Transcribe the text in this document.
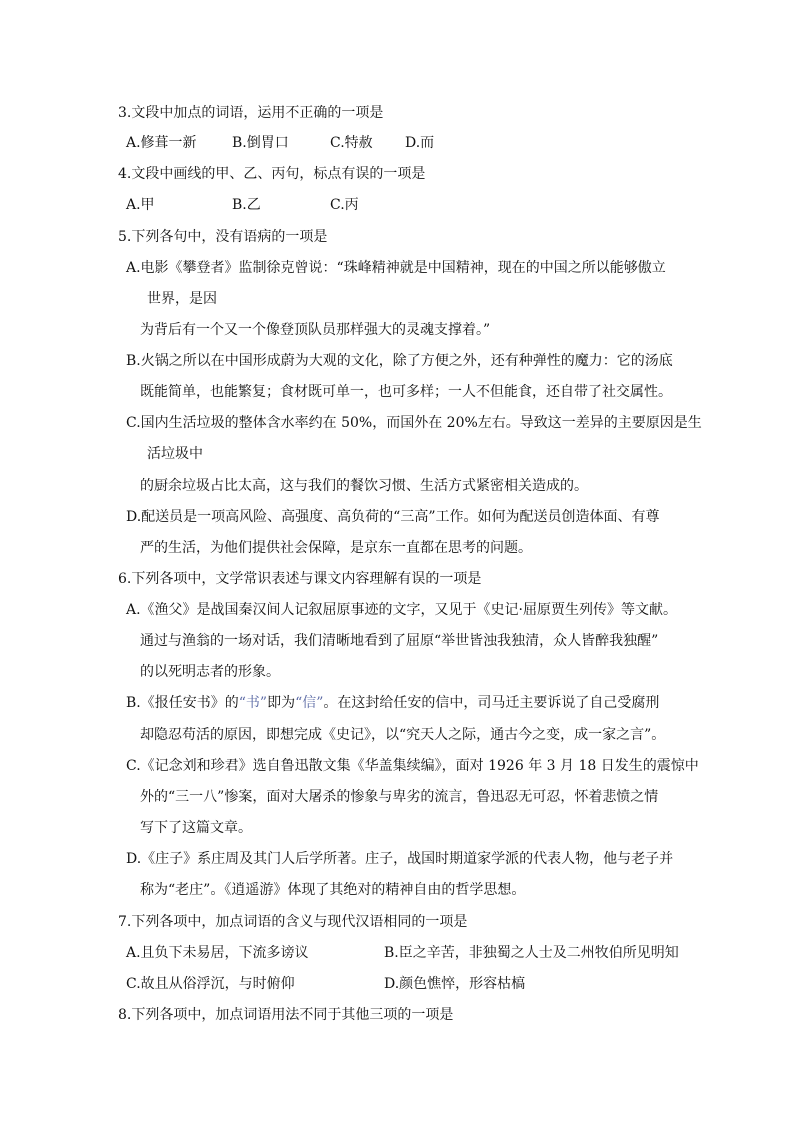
3.文段中加点的词语，运用不正确的一项是
A.修葺一新	B.倒胃口	C.特赦 D.而
4.文段中画线的甲、乙、丙句，标点有误的一项是
A.甲	B.乙	C.丙
5.下列各句中，没有语病的一项是
A.电影《攀登者》监制徐克曾说：“珠峰精神就是中国精神，现在的中国之所以能够傲立
世界，是因
为背后有一个又一个像登顶队员那样强大的灵魂支撑着。”
B.火锅之所以在中国形成蔚为大观的文化，除了方便之外，还有种弹性的魔力：它的汤底
既能简单，也能繁复；食材既可单一，也可多样；一人不但能食，还自带了社交属性。
C.国内生活垃圾的整体含水率约在 50%，而国外在 20%左右。导致这一差异的主要原因是生
活垃圾中
的厨余垃圾占比太高，这与我们的餐饮习惯、生活方式紧密相关造成的。
D.配送员是一项高风险、高强度、高负荷的“三高”工作。如何为配送员创造体面、有尊
严的生活，为他们提供社会保障，是京东一直都在思考的问题。
6.下列各项中，文学常识表述与课文内容理解有误的一项是
A.《渔父》是战国秦汉间人记叙屈原事迹的文字，又见于《史记·屈原贾生列传》等文献。
通过与渔翁的一场对话，我们清晰地看到了屈原“举世皆浊我独清，众人皆醉我独醒”
的以死明志者的形象。
B.《报任安书》的“书”即为“信”。在这封给任安的信中，司马迁主要诉说了自己受腐刑
却隐忍苟活的原因，即想完成《史记》，以“究天人之际，通古今之变，成一家之言”。
C.《记念刘和珍君》选自鲁迅散文集《华盖集续编》，面对 1926 年 3 月 18 日发生的震惊中
外的“三一八”惨案，面对大屠杀的惨象与卑劣的流言，鲁迅忍无可忍，怀着悲愤之情
写下了这篇文章。
D.《庄子》系庄周及其门人后学所著。庄子，战国时期道家学派的代表人物，他与老子并
称为“老庄”。《逍遥游》体现了其绝对的精神自由的哲学思想。
7.下列各项中，加点词语的含义与现代汉语相同的一项是
A.且负下未易居，下流多谤议	B.臣之辛苦，非独蜀之人士及二州牧伯所见明知
C.故且从俗浮沉，与时俯仰	D.颜色憔悴，形容枯槁
8.下列各项中，加点词语用法不同于其他三项的一项是
